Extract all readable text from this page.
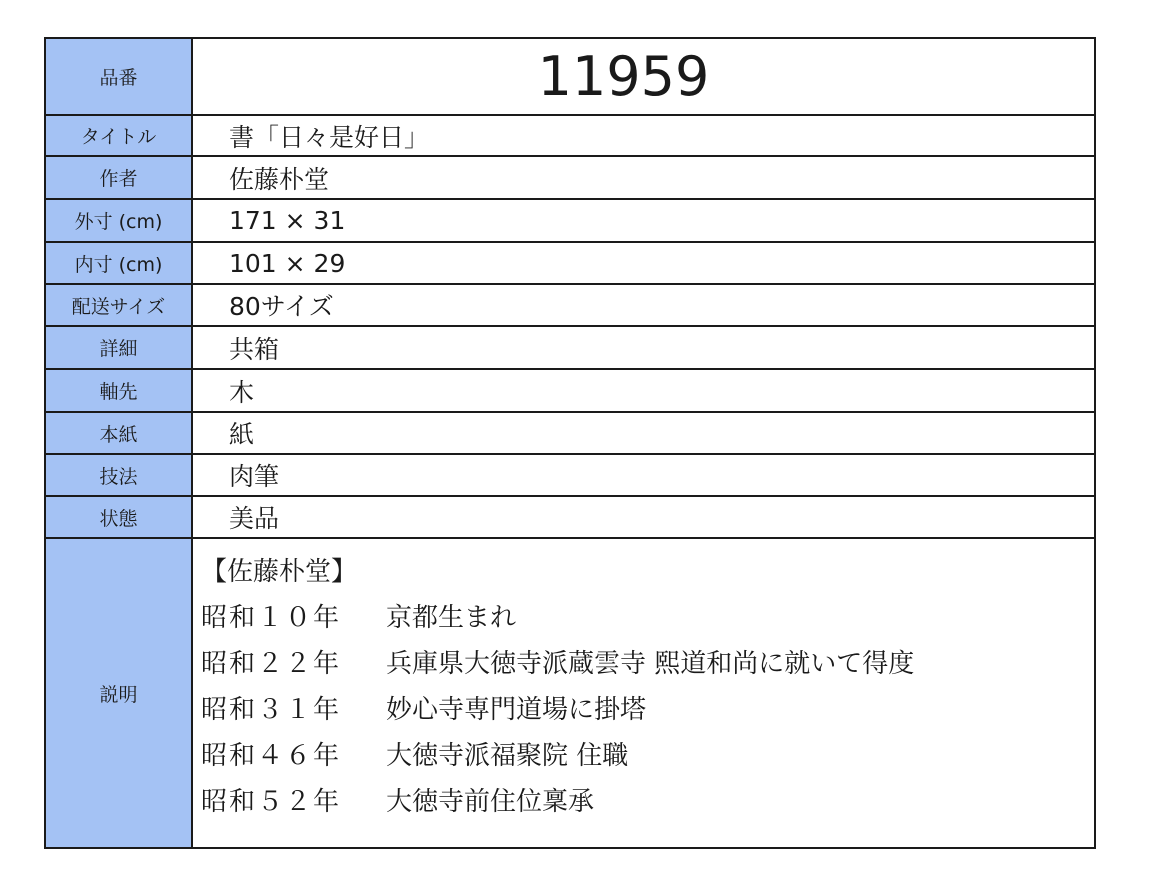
品番	11959
タイトル	書「日々是好日」
作者	佐藤朴堂
外寸 (cm)	171 × 31
内寸 (cm)	101 × 29
配送サイズ	80サイズ
詳細	共箱
軸先	木
本紙	紙
技法	肉筆
状態	美品
説明
【佐藤朴堂】
昭和１０年 京都生まれ
昭和２２年 兵庫県大徳寺派蔵雲寺 熙道和尚に就いて得度
昭和３１年 妙心寺専門道場に掛塔
昭和４６年 大徳寺派福聚院 住職
昭和５２年 大徳寺前住位稟承
